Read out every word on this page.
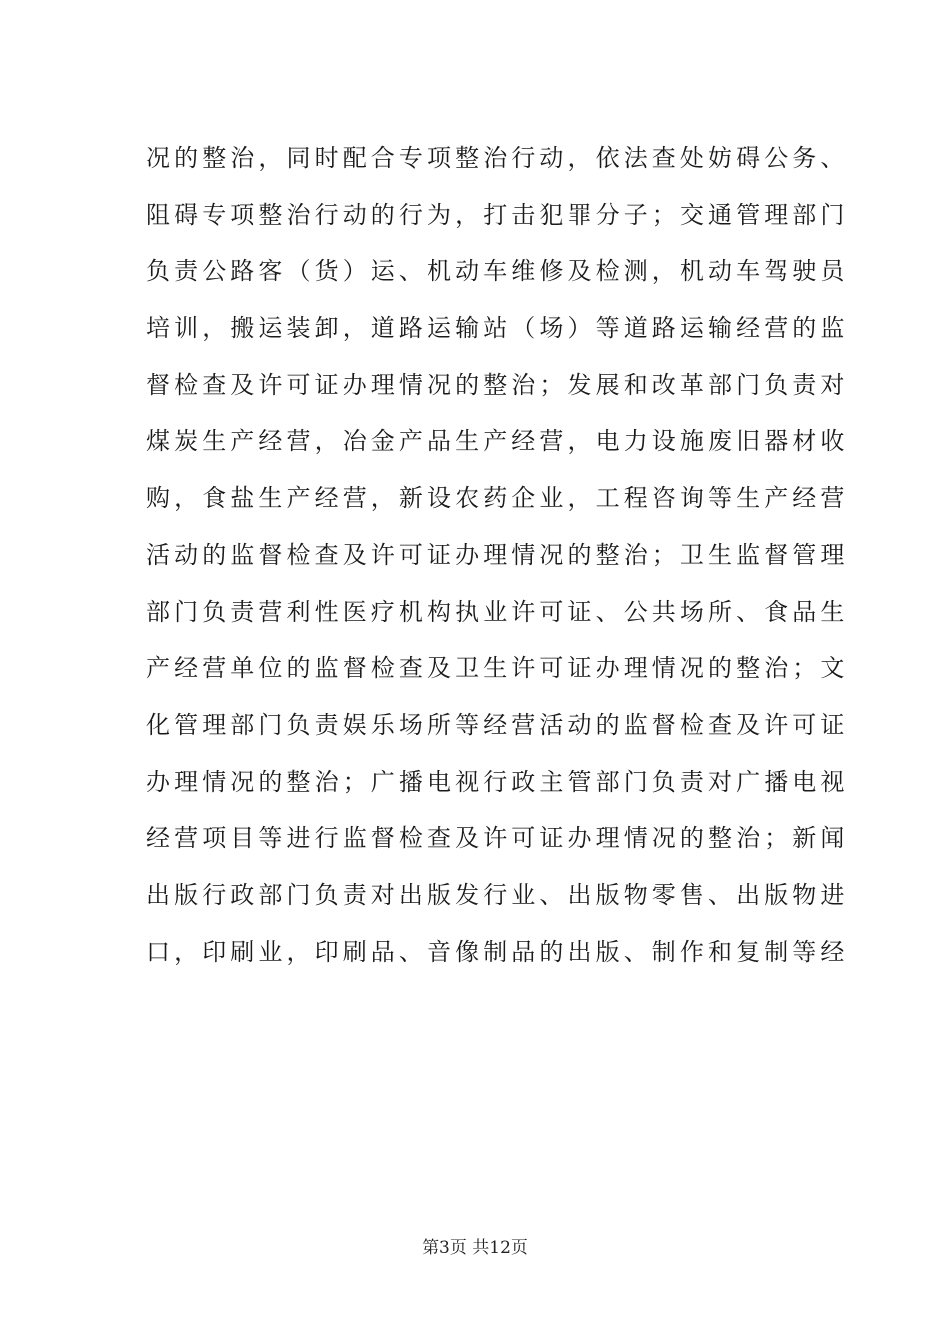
况的整治，同时配合专项整治行动，依法查处妨碍公务、
阻碍专项整治行动的行为，打击犯罪分子；交通管理部门
负责公路客（货）运、机动车维修及检测，机动车驾驶员
培训，搬运装卸，道路运输站（场）等道路运输经营的监
督检查及许可证办理情况的整治；发展和改革部门负责对
煤炭生产经营，冶金产品生产经营，电力设施废旧器材收
购，食盐生产经营，新设农药企业，工程咨询等生产经营
活动的监督检查及许可证办理情况的整治；卫生监督管理
部门负责营利性医疗机构执业许可证、公共场所、食品生
产经营单位的监督检查及卫生许可证办理情况的整治；文
化管理部门负责娱乐场所等经营活动的监督检查及许可证
办理情况的整治；广播电视行政主管部门负责对广播电视
经营项目等进行监督检查及许可证办理情况的整治；新闻
出版行政部门负责对出版发行业、出版物零售、出版物进
口，印刷业，印刷品、音像制品的出版、制作和复制等经
第3页 共12页
